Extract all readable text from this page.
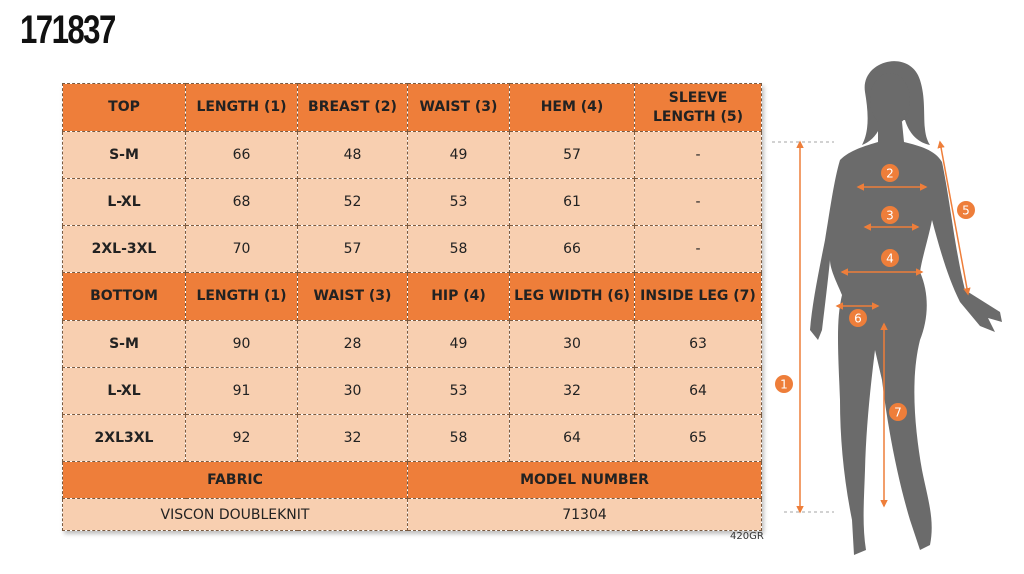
171837
TOP	LENGTH (1)	BREAST (2)	WAIST (3)	HEM (4)	SLEEVE
LENGTH (5)
S-M	66	48	49	57	-
L-XL	68	52	53	61	-
2XL-3XL	70	57	58	66	-
BOTTOM	LENGTH (1)	WAIST (3)	HIP (4)	LEG WIDTH (6)	INSIDE LEG (7)
S-M	90	28	49	30	63
L-XL	91	30	53	32	64
2XL3XL	92	32	58	64	65
FABRIC			MODEL NUMBER		
VISCON DOUBLEKNIT			71304		
420GR
1
2
3
4
5
6
7
